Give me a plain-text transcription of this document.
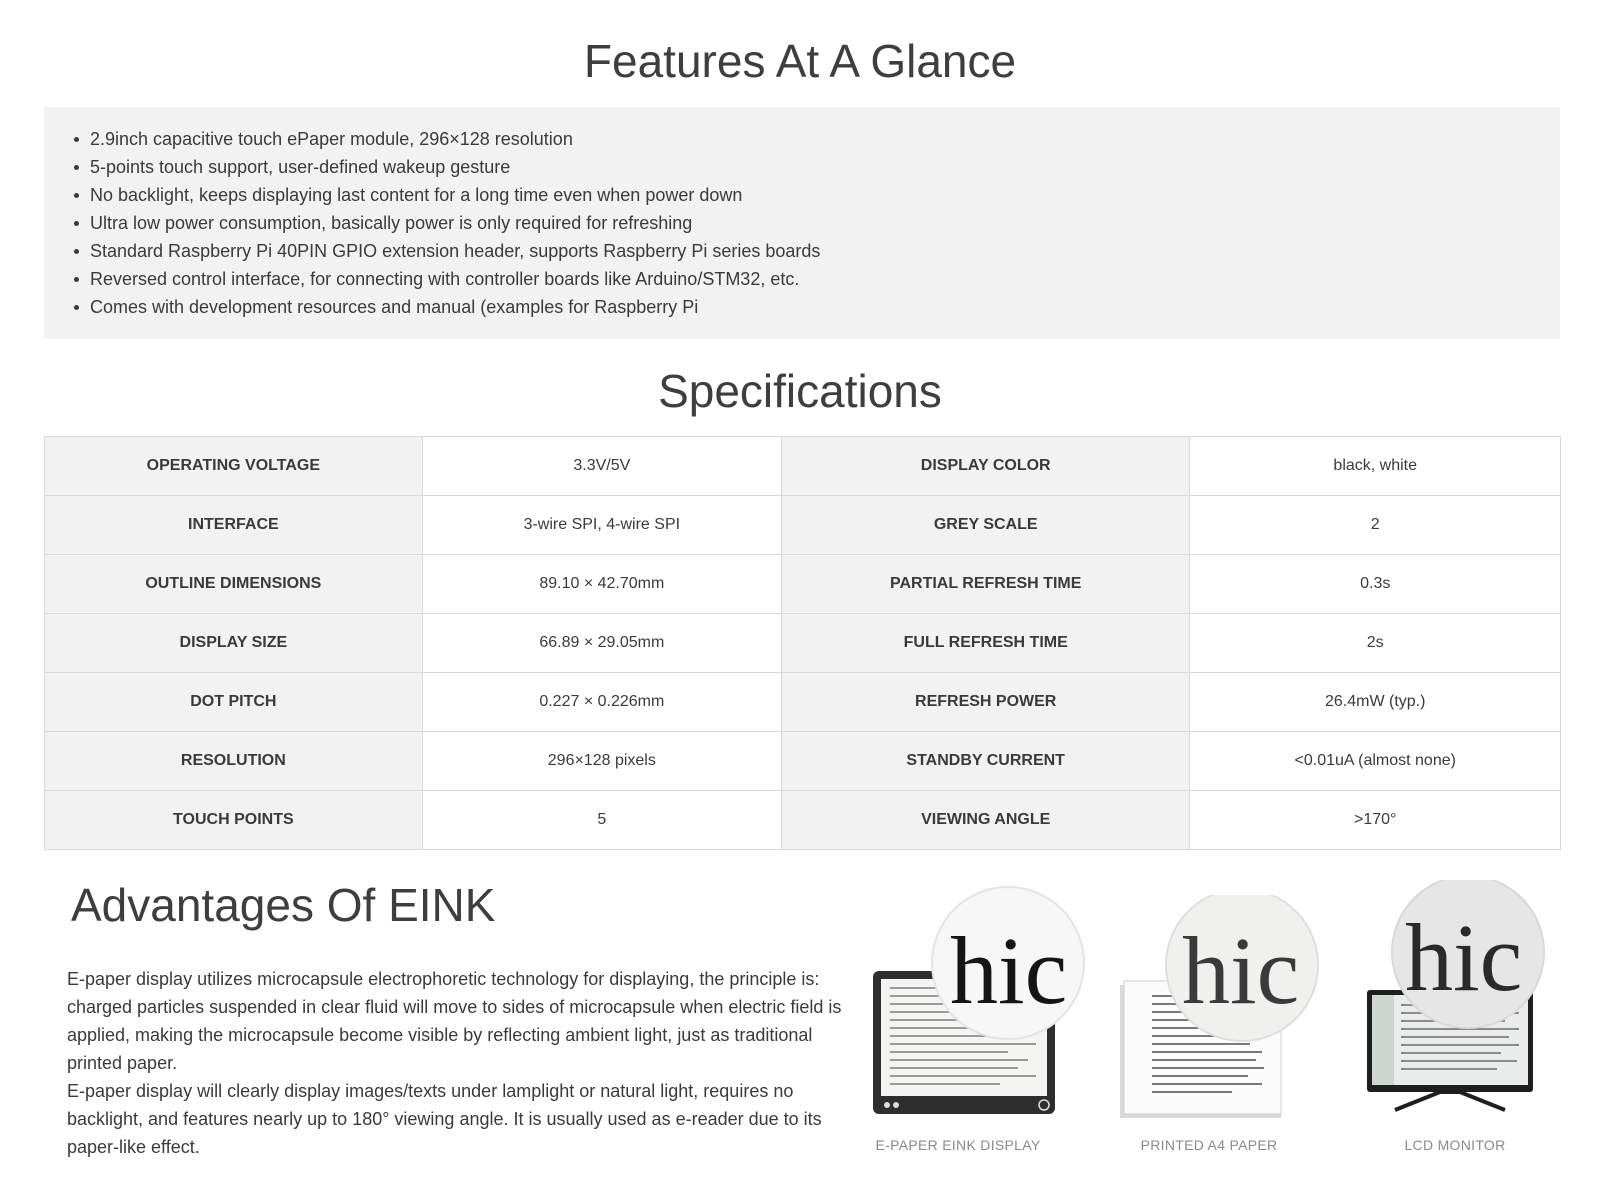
Features At A Glance
2.9inch capacitive touch ePaper module, 296×128 resolution
5-points touch support, user-defined wakeup gesture
No backlight, keeps displaying last content for a long time even when power down
Ultra low power consumption, basically power is only required for refreshing
Standard Raspberry Pi 40PIN GPIO extension header, supports Raspberry Pi series boards
Reversed control interface, for connecting with controller boards like Arduino/STM32, etc.
Comes with development resources and manual (examples for Raspberry Pi
Specifications
OPERATING VOLTAGE	3.3V/5V	DISPLAY COLOR	black, white
INTERFACE	3-wire SPI, 4-wire SPI	GREY SCALE	2
OUTLINE DIMENSIONS	89.10 × 42.70mm	PARTIAL REFRESH TIME	0.3s
DISPLAY SIZE	66.89 × 29.05mm	FULL REFRESH TIME	2s
DOT PITCH	0.227 × 0.226mm	REFRESH POWER	26.4mW (typ.)
RESOLUTION	296×128 pixels	STANDBY CURRENT	<0.01uA (almost none)
TOUCH POINTS	5	VIEWING ANGLE	>170°
Advantages Of EINK

E-paper display utilizes microcapsule electrophoretic technology for displaying, the principle is: charged particles suspended in clear fluid will move to sides of microcapsule when electric field is applied, making the microcapsule become visible by reflecting ambient light, just as traditional printed paper.

E-paper display will clearly display images/texts under lamplight or natural light, requires no backlight, and features nearly up to 180° viewing angle. It is usually used as e-reader due to its paper-like effect.

hic
E-PAPER EINK DISPLAY
hic
PRINTED A4 PAPER
hic
LCD MONITOR
